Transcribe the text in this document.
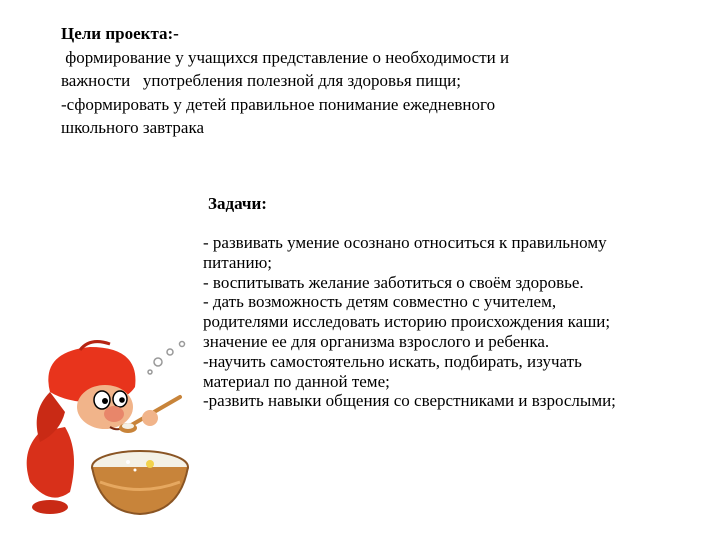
Цели проекта:-

формирование у учащихся представление о необходимости и

важности   употребления полезной для здоровья пищи;

-сформировать у детей правильное понимание ежедневного

школьного завтрака

Задачи:

- развивать умение осознано относиться к правильному

питанию;

- воспитывать желание заботиться о своём здоровье.

- дать возможность детям совместно с учителем,

родителями исследовать историю происхождения каши;

значение ее для организма взрослого и ребенка.

-научить самостоятельно искать, подбирать, изучать

материал по данной теме;

-развить навыки общения со сверстниками и взрослыми;
